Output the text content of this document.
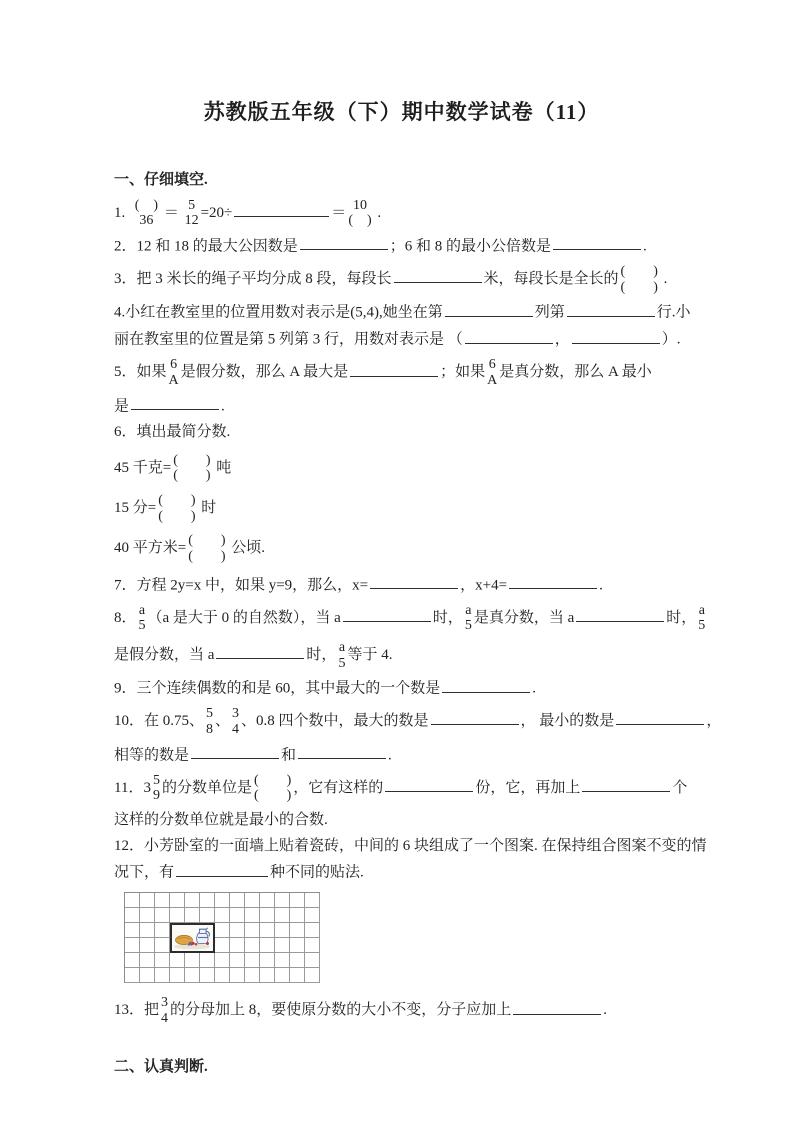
苏教版五年级（下）期中数学试卷（11）
一、仔细填空.
1. (　)
36
＝ 5
12
=20÷	＝ 10
(　)
.
2．12 和 18 的最大公因数是	；6 和 8 的最小公倍数是	.
3．把 3 米长的绳子平均分成 8 段，每段长	米，每段长是全长的 (　　)
(　　)
.
4.小红在教室里的位置用数对表示是(5,4),她坐在第	列第	行.小
丽在教室里的位置是第 5 列第 3 行，用数对表示是 （	，	）.
5．如果 6
A
是假分数，那么 A 最大是	；如果 6
A
是真分数，那么 A 最小
是	.
6．填出最简分数.
45 千克= (　　)
(　　)
吨
15 分= (　　)
(　　)
时
40 平方米= (　　)
(　　)
公顷.
7．方程 2y=x 中，如果 y=9，那么，x=	，x+4=	.
8． a
5
（a 是大于 0 的自然数），当 a	时， a
5
是真分数，当 a	时， a
5
是假分数，当 a	时， a
5
等于 4.
9．三个连续偶数的和是 60，其中最大的一个数是	.
10．在 0.75、 5
8
、 3
4
、0.8 四个数中，最大的数是	， 最小的数是	，
相等的数是	和	.
11．3 5
9
的分数单位是 (　　)
(　　)
，它有这样的	份，它，再加上	个
这样的分数单位就是最小的合数.
12．小芳卧室的一面墙上贴着瓷砖，中间的 6 块组成了一个图案. 在保持组合图案不变的情
况下，有	种不同的贴法.
13．把 3
4
的分母加上 8，要使原分数的大小不变，分子应加上	.
二、认真判断.
